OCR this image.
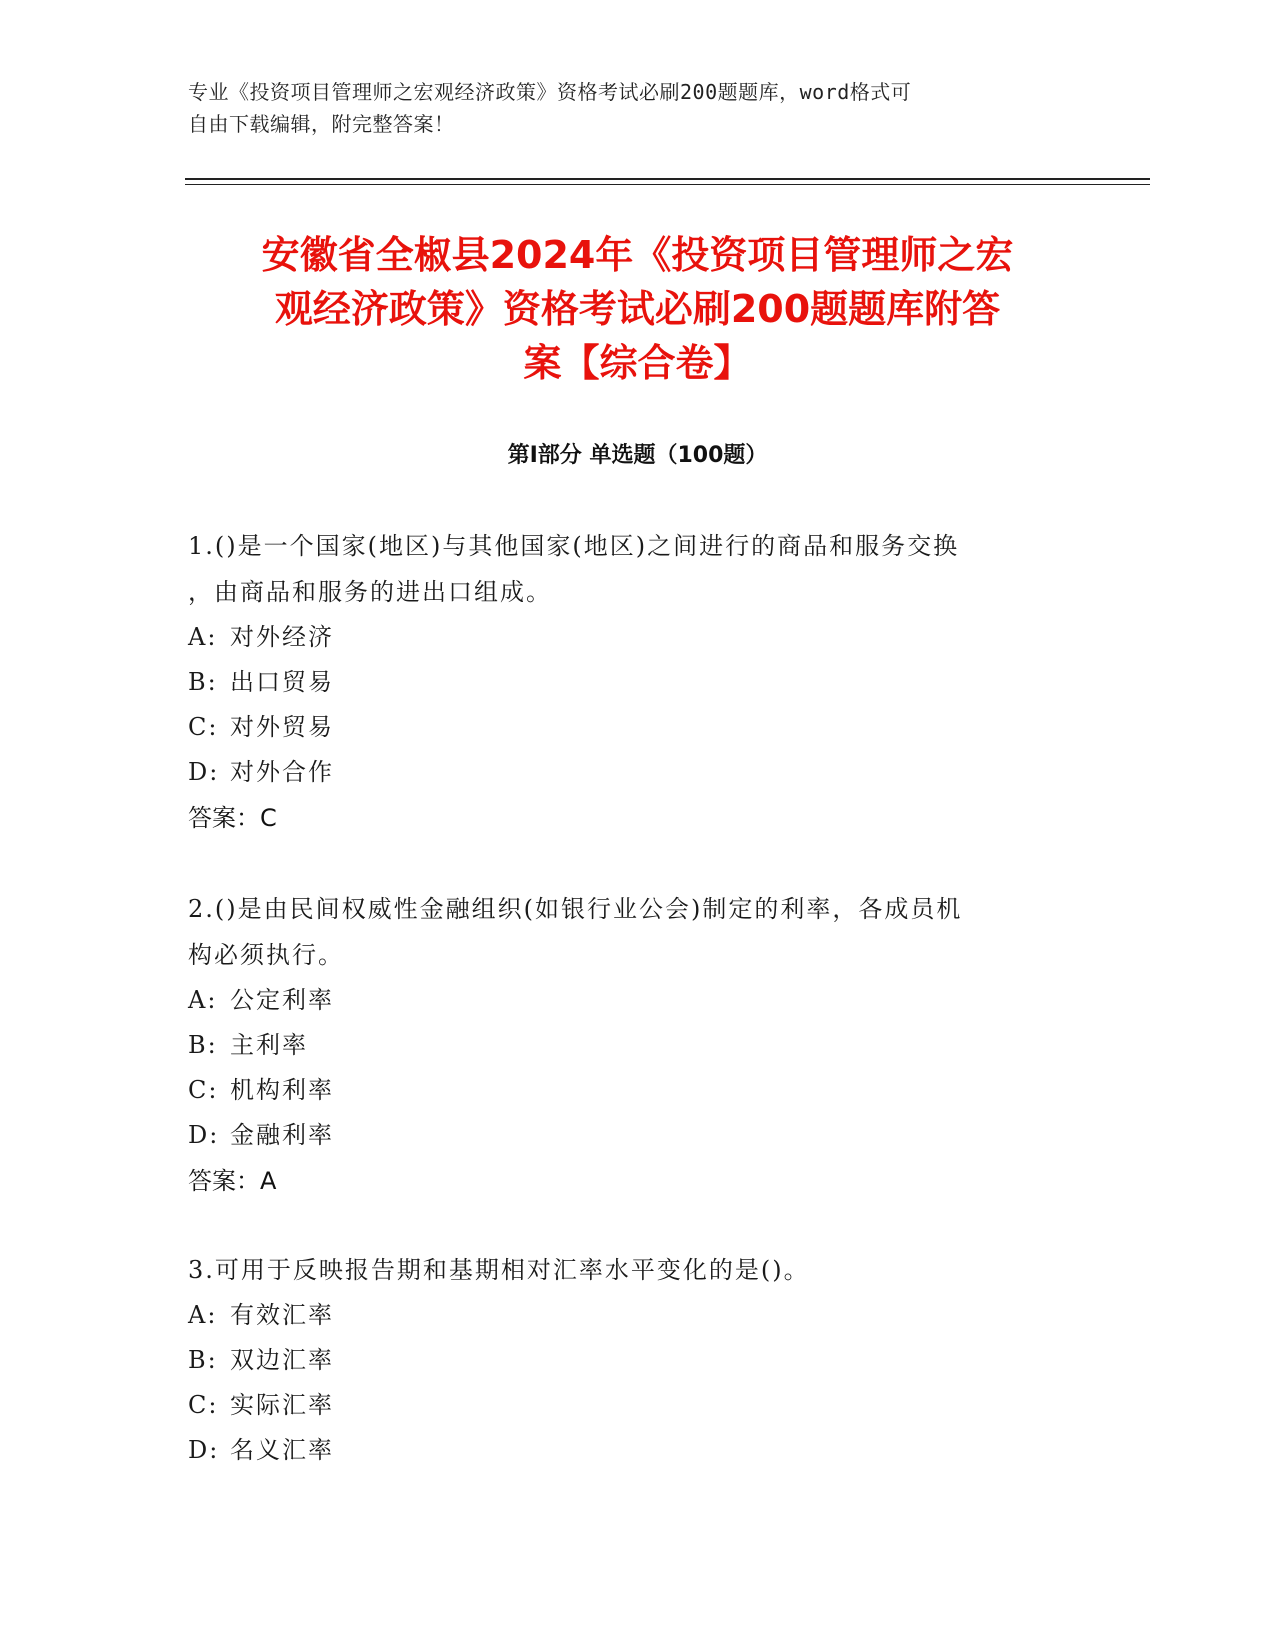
专业《投资项目管理师之宏观经济政策》资格考试必刷200题题库，word格式可
自由下载编辑，附完整答案！
安徽省全椒县2024年《投资项目管理师之宏
观经济政策》资格考试必刷200题题库附答
案【综合卷】
第Ⅰ部分 单选题（100题）
1.()是一个国家(地区)与其他国家(地区)之间进行的商品和服务交换
，由商品和服务的进出口组成。
A: 对外经济
B: 出口贸易
C: 对外贸易
D: 对外合作
答案：C
2.()是由民间权威性金融组织(如银行业公会)制定的利率，各成员机
构必须执行。
A: 公定利率
B: 主利率
C: 机构利率
D: 金融利率
答案：A
3.可用于反映报告期和基期相对汇率水平变化的是()。
A: 有效汇率
B: 双边汇率
C: 实际汇率
D: 名义汇率
